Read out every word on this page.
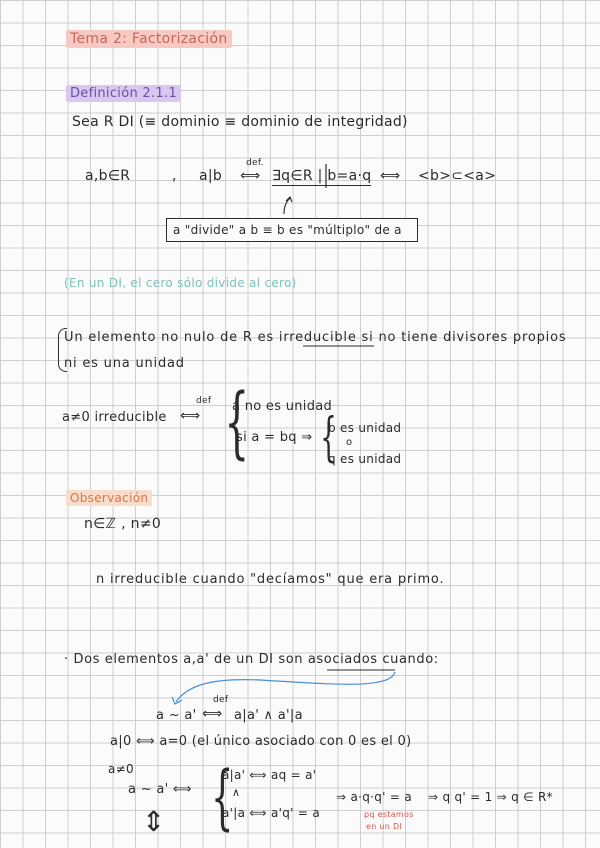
Tema 2: Factorización
Definición 2.1.1
Sea R DI (≡ dominio ≡ dominio de integridad)
a,b∈R	, a|b
def.
⟺ ∃q∈R | b=a·q ⟺ <b>⊂<a>
a "divide" a b ≡ b es "múltiplo" de a
(En un DI, el cero sólo divide al cero)
Un elemento no nulo de R es irreducible si no tiene divisores propios
ni es una unidad
a≠0 irreducible
def
⟺ {
a no es unidad
si a = bq ⇒ {
b es unidad
o
q es unidad
Observación
n∈ℤ , n≠0
n irreducible cuando "decíamos" que era primo.
· Dos elementos a,a' de un DI son asociados cuando:
a ~ a'
def
⟺ a|a' ∧ a'|a
a|0 ⟺ a=0 (el único asociado con 0 es el 0)
a≠0
a ~ a' ⟺ {
a|a' ⟺ aq = a'
∧
a'|a ⟺ a'q' = a
⇒ a·q·q' = a ⇒ q q' = 1 ⇒ q ∈ R*
pq estamos
en un DI
⇕
